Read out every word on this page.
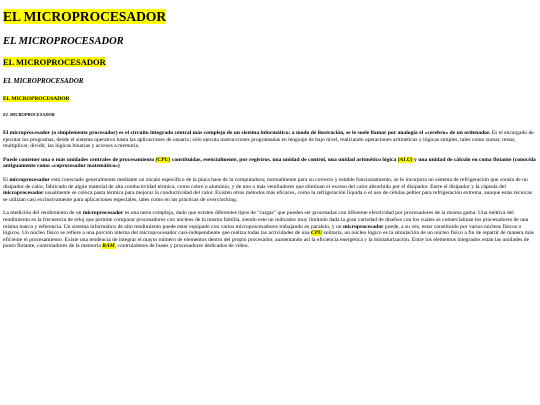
EL MICROPROCESADOR
EL MICROPROCESADOR
EL MICROPROCESADOR
EL MICROPROCESADOR
EL MICROPROCESADOR
EL MICROPROCESADOR

El microprocesador (o simplemente procesador) es el circuito integrado central más complejo de un sistema informático; a modo de ilustración, se le suele llamar por analogía el «cerebro» de un ordenador. Es el encargado de ejecutar los programas, desde el sistema operativo hasta las aplicaciones de usuario; sólo ejecuta instrucciones programadas en lenguaje de bajo nivel, realizando operaciones aritméticas y lógicas simples, tales como sumar, restar, multiplicar, dividir, las lógicas binarias y accesos a memoria.

Puede contener una o más unidades centrales de procesamiento (CPU) constituidas, esencialmente, por registros, una unidad de control, una unidad aritmético lógica (ALU) y una unidad de cálculo en coma flotante (conocida antiguamente como «coprocesador matemático»)

El microprocesador está conectado generalmente mediante un zócalo específico de la placa base de la computadora; normalmente para su correcto y estable funcionamiento, se le incorpora un sistema de refrigeración que consta de un disipador de calor, fabricado de algún material de alta conductividad térmica, como cobre o aluminio, y de uno o más ventiladores que eliminan el exceso del calor absorbido por el disipador. Entre el disipador y la cápsula del microprocesador usualmente se coloca pasta térmica para mejorar la conductividad del calor. Existen otros métodos más eficaces, como la refrigeración líquida o el uso de células peltier para refrigeración extrema, aunque estas técnicas se utilizan casi exclusivamente para aplicaciones especiales, tales como en las prácticas de overclocking.

La medición del rendimiento de un microprocesador es una tarea compleja, dado que existen diferentes tipos de "cargas" que pueden ser procesadas con diferente efectividad por procesadores de la misma gama. Una métrica del rendimiento es la frecuencia de reloj que permite comparar procesadores con núcleos de la misma familia, siendo este un indicador muy limitado dada la gran variedad de diseños con los cuales se comercializan los procesadores de una misma marca y referencia. Un sistema informático de alto rendimiento puede estar equipado con varios microprocesadores trabajando en paralelo, y un microprocesador puede, a su vez, estar constituido por varios núcleos físicos o lógicos. Un núcleo físico se refiere a una porción interna del microprocesador casi-independiente que realiza todas las actividades de una CPU solitaria, un núcleo lógico es la simulación de un núcleo físico a fin de repartir de manera más eficiente el procesamiento. Existe una tendencia de integrar el mayor número de elementos dentro del propio procesador, aumentando así la eficiencia energética y la miniaturización. Entre los elementos integrados están las unidades de punto flotante, controladores de la memoria RAM, controladores de buses y procesadores dedicados de vídeo.
